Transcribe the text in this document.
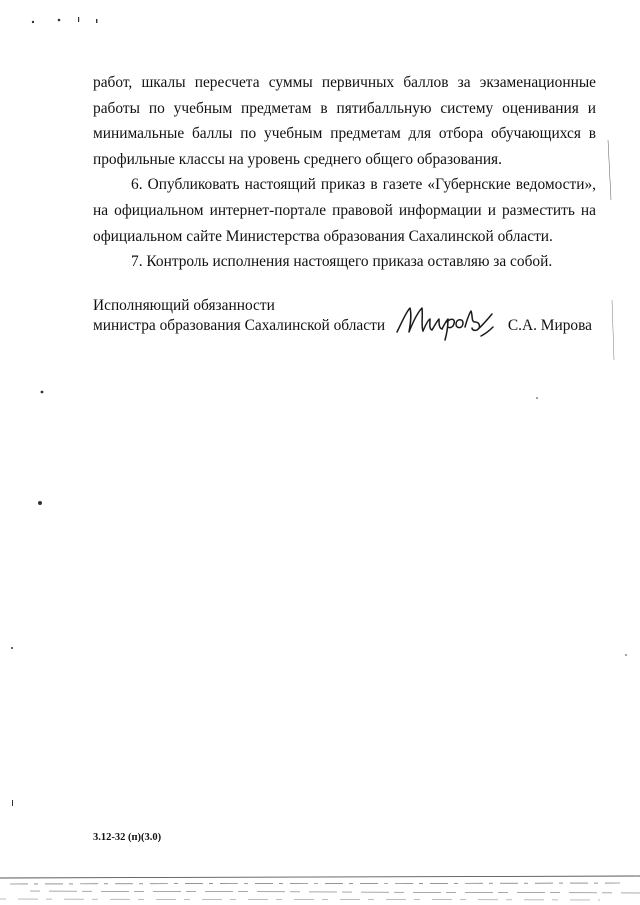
работ, шкалы пересчета суммы первичных баллов за экзаменационные работы по учебным предметам в пятибалльную систему оценивания и минимальные баллы по учебным предметам для отбора обучающихся в профильные классы на уровень среднего общего образования.

6. Опубликовать настоящий приказ в газете «Губернские ведомости», на официальном интернет-портале правовой информации и разместить на официальном сайте Министерства образования Сахалинской области.

7. Контроль исполнения настоящего приказа оставляю за собой.

Исполняющий обязанности
министра образования Сахалинской области	С.А. Мирова
3.12-32 (п)(3.0)
